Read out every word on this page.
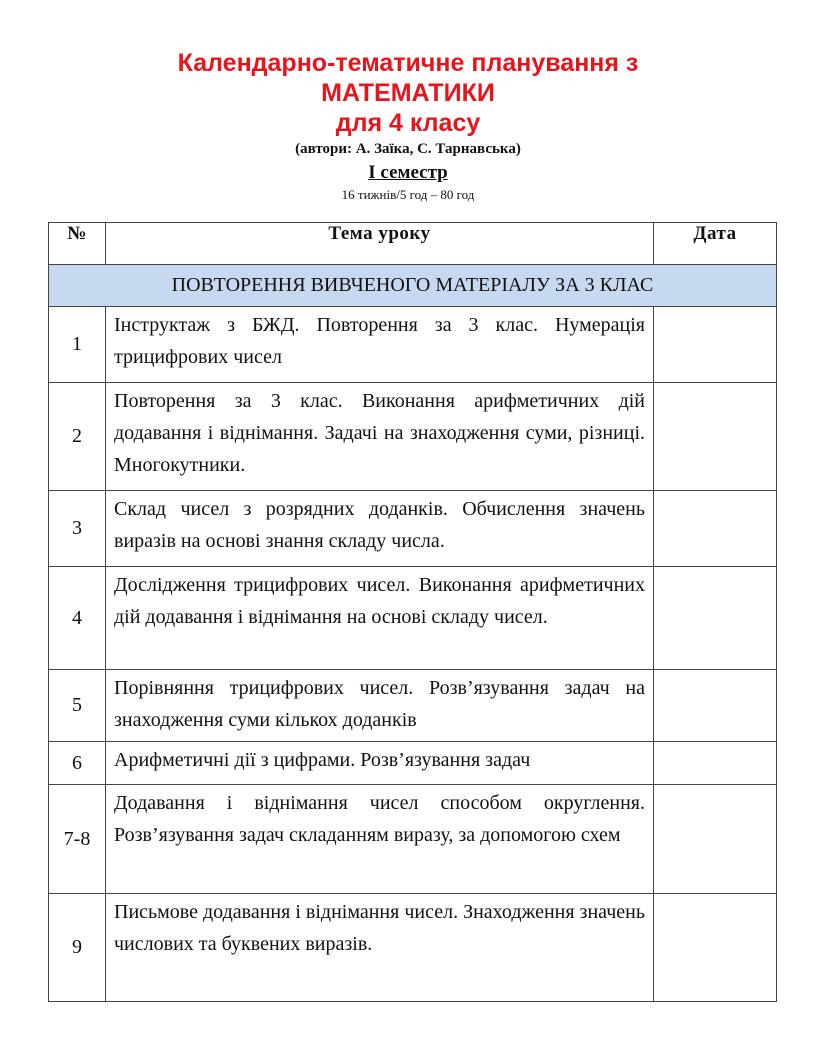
Календарно-тематичне планування з
МАТЕМАТИКИ
для 4 класу
(автори: А. Заїка, С. Тарнавська)
І семестр
16 тижнів/5 год – 80 год
№	Тема уроку	Дата
ПОВТОРЕННЯ ВИВЧЕНОГО МАТЕРІАЛУ ЗА 3 КЛАС		
1	Інструктаж з БЖД. Повторення за 3 клас. Нумерація трицифрових чисел	
2	Повторення за 3 клас. Виконання арифметичних дій додавання і віднімання. Задачі на знаходження суми, різниці. Многокутники.	
3	Склад чисел з розрядних доданків. Обчислення значень виразів на основі знання складу числа.	
4	Дослідження трицифрових чисел. Виконання арифметичних дій додавання і віднімання на основі складу чисел.	
5	Порівняння трицифрових чисел. Розв’язування задач на знаходження суми кількох доданків	
6	Арифметичні дії з цифрами. Розв’язування задач	
7-8	Додавання і віднімання чисел способом округлення. Розв’язування задач складанням виразу, за допомогою схем	
9	Письмове додавання і віднімання чисел. Знаходження значень числових та буквених виразів.	
